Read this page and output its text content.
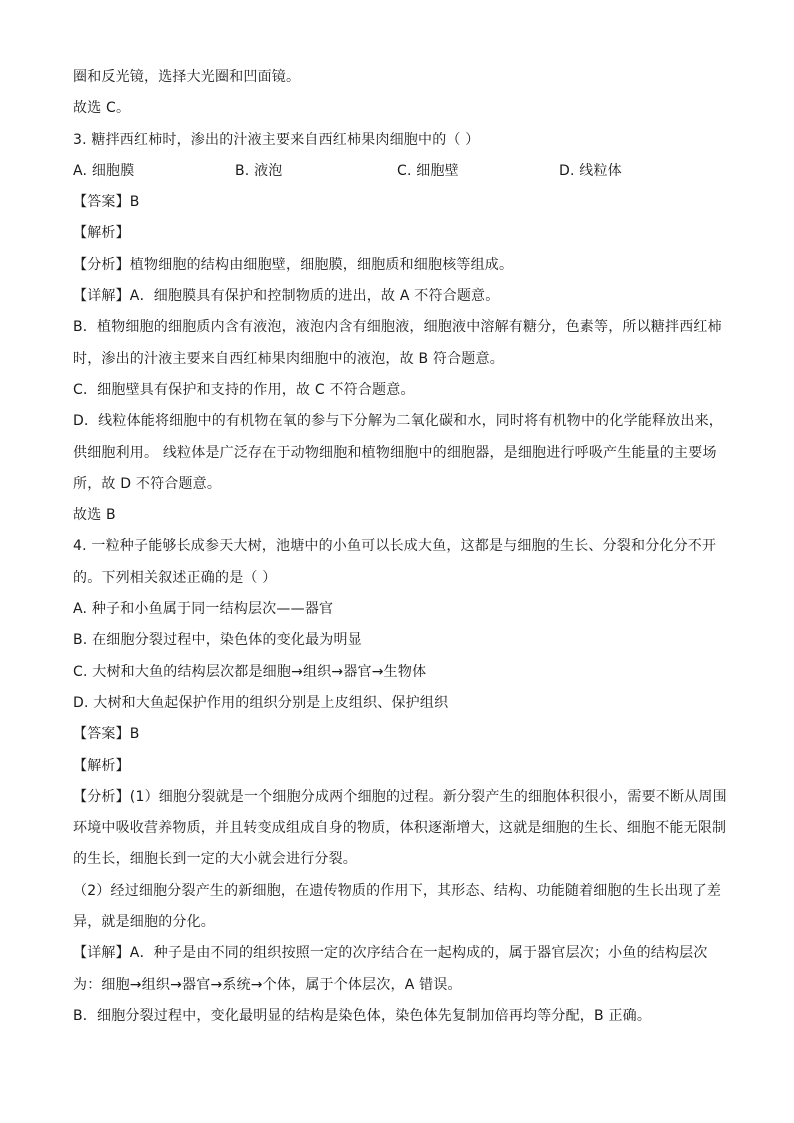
圈和反光镜，选择大光圈和凹面镜。
故选 C。
3. 糖拌西红柿时，渗出的汁液主要来自西红柿果肉细胞中的（ ）
A. 细胞膜	B. 液泡	C. 细胞壁	D. 线粒体
【答案】B
【解析】
【分析】植物细胞的结构由细胞壁，细胞膜，细胞质和细胞核等组成。
【详解】A．细胞膜具有保护和控制物质的进出，故 A 不符合题意。
B．植物细胞的细胞质内含有液泡，液泡内含有细胞液，细胞液中溶解有糖分，色素等，所以糖拌西红柿
时，渗出的汁液主要来自西红柿果肉细胞中的液泡，故 B 符合题意。
C．细胞壁具有保护和支持的作用，故 C 不符合题意。
D．线粒体能将细胞中的有机物在氧的参与下分解为二氧化碳和水，同时将有机物中的化学能释放出来，
供细胞利用。 线粒体是广泛存在于动物细胞和植物细胞中的细胞器，是细胞进行呼吸产生能量的主要场
所，故 D 不符合题意。
故选 B
4. 一粒种子能够长成参天大树，池塘中的小鱼可以长成大鱼，这都是与细胞的生长、分裂和分化分不开
的。下列相关叙述正确的是（ ）
A. 种子和小鱼属于同一结构层次——器官
B. 在细胞分裂过程中，染色体的变化最为明显
C. 大树和大鱼的结构层次都是细胞→组织→器官→生物体
D. 大树和大鱼起保护作用的组织分别是上皮组织、保护组织
【答案】B
【解析】
【分析】(1）细胞分裂就是一个细胞分成两个细胞的过程。新分裂产生的细胞体积很小，需要不断从周围
环境中吸收营养物质，并且转变成组成自身的物质，体积逐渐增大，这就是细胞的生长、细胞不能无限制
的生长，细胞长到一定的大小就会进行分裂。
（2）经过细胞分裂产生的新细胞，在遗传物质的作用下，其形态、结构、功能随着细胞的生长出现了差
异，就是细胞的分化。
【详解】A．种子是由不同的组织按照一定的次序结合在一起构成的，属于器官层次；小鱼的结构层次
为：细胞→组织→器官→系统→个体，属于个体层次，A 错误。
B．细胞分裂过程中，变化最明显的结构是染色体，染色体先复制加倍再均等分配，B 正确。
